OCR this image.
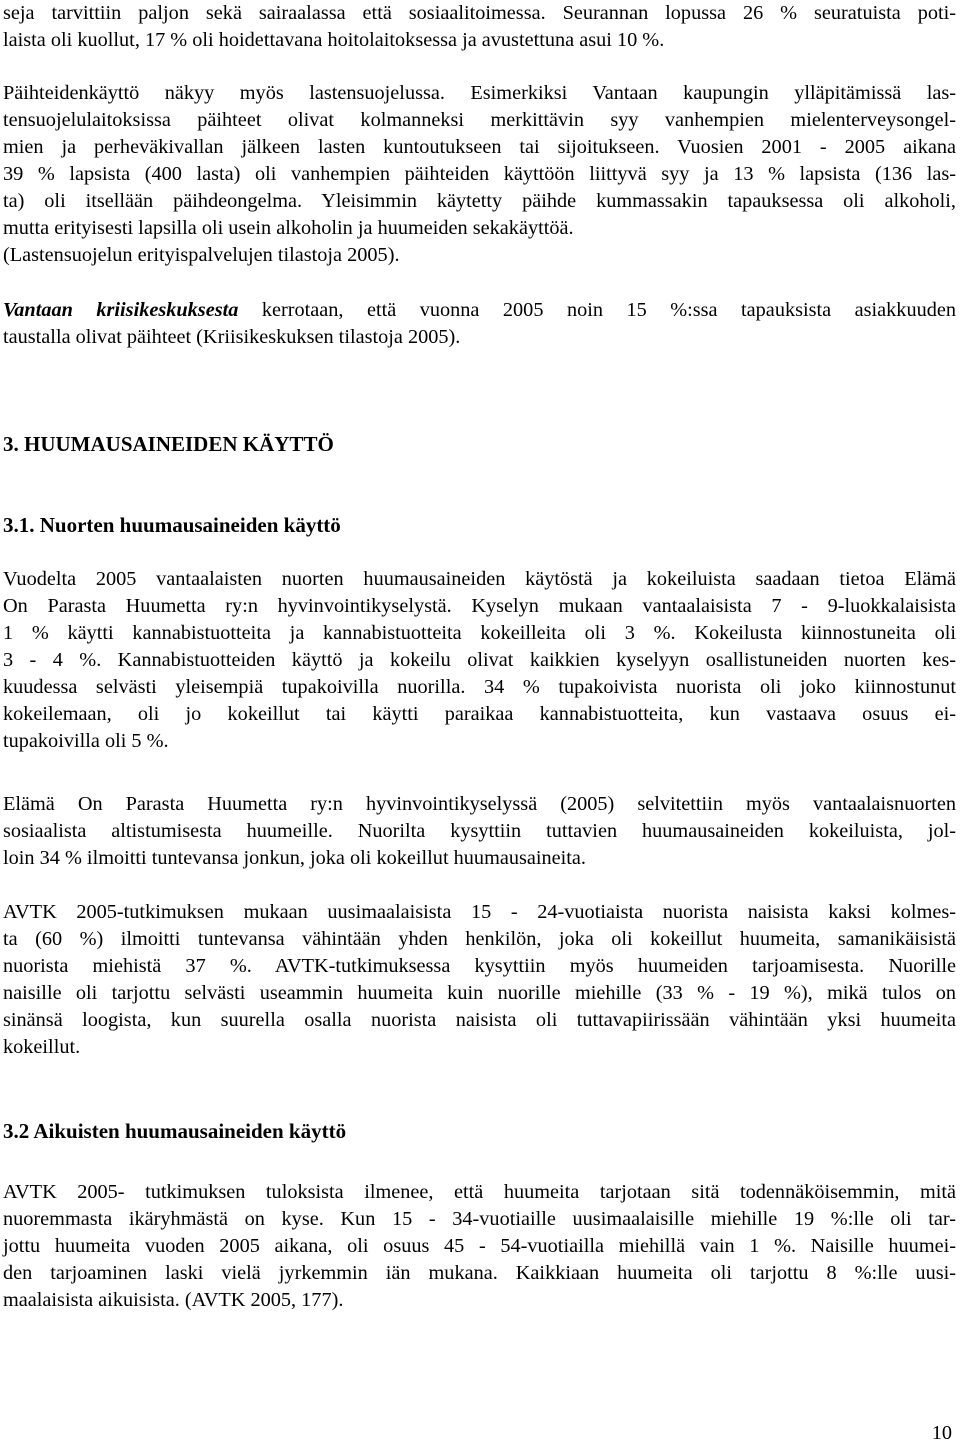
seja tarvittiin paljon sekä sairaalassa että sosiaalitoimessa. Seurannan lopussa 26 % seuratuista poti-
laista oli kuollut, 17 % oli hoidettavana hoitolaitoksessa ja avustettuna asui 10 %.
Päihteidenkäyttö näkyy myös lastensuojelussa. Esimerkiksi Vantaan kaupungin ylläpitämissä las-
tensuojelulaitoksissa päihteet olivat kolmanneksi merkittävin syy vanhempien mielenterveysongel-
mien ja perheväkivallan jälkeen lasten kuntoutukseen tai sijoitukseen. Vuosien 2001 - 2005 aikana
39 % lapsista (400 lasta) oli vanhempien päihteiden käyttöön liittyvä syy ja 13 % lapsista (136 las-
ta) oli itsellään päihdeongelma. Yleisimmin käytetty päihde kummassakin tapauksessa oli alkoholi,
mutta erityisesti lapsilla oli usein alkoholin ja huumeiden sekakäyttöä.
(Lastensuojelun erityispalvelujen tilastoja 2005).
Vantaan kriisikeskuksesta kerrotaan, että vuonna 2005 noin 15 %:ssa tapauksista asiakkuuden
taustalla olivat päihteet (Kriisikeskuksen tilastoja 2005).
3. HUUMAUSAINEIDEN KÄYTTÖ
3.1. Nuorten huumausaineiden käyttö
Vuodelta 2005 vantaalaisten nuorten huumausaineiden käytöstä ja kokeiluista saadaan tietoa Elämä
On Parasta Huumetta ry:n hyvinvointikyselystä. Kyselyn mukaan vantaalaisista 7 - 9-luokkalaisista
1 % käytti kannabistuotteita ja kannabistuotteita kokeilleita oli 3 %. Kokeilusta kiinnostuneita oli
3 - 4 %. Kannabistuotteiden käyttö ja kokeilu olivat kaikkien kyselyyn osallistuneiden nuorten kes-
kuudessa selvästi yleisempiä tupakoivilla nuorilla. 34 % tupakoivista nuorista oli joko kiinnostunut
kokeilemaan, oli jo kokeillut tai käytti paraikaa kannabistuotteita, kun vastaava osuus ei-
tupakoivilla oli 5 %.
Elämä On Parasta Huumetta ry:n hyvinvointikyselyssä (2005) selvitettiin myös vantaalaisnuorten
sosiaalista altistumisesta huumeille. Nuorilta kysyttiin tuttavien huumausaineiden kokeiluista, jol-
loin 34 % ilmoitti tuntevansa jonkun, joka oli kokeillut huumausaineita.
AVTK 2005-tutkimuksen mukaan uusimaalaisista 15 - 24-vuotiaista nuorista naisista kaksi kolmes-
ta (60 %) ilmoitti tuntevansa vähintään yhden henkilön, joka oli kokeillut huumeita, samanikäisistä
nuorista miehistä 37 %. AVTK-tutkimuksessa kysyttiin myös huumeiden tarjoamisesta. Nuorille
naisille oli tarjottu selvästi useammin huumeita kuin nuorille miehille (33 % - 19 %), mikä tulos on
sinänsä loogista, kun suurella osalla nuorista naisista oli tuttavapiirissään vähintään yksi huumeita
kokeillut.
3.2 Aikuisten huumausaineiden käyttö
AVTK 2005- tutkimuksen tuloksista ilmenee, että huumeita tarjotaan sitä todennäköisemmin, mitä
nuoremmasta ikäryhmästä on kyse. Kun 15 - 34-vuotiaille uusimaalaisille miehille 19 %:lle oli tar-
jottu huumeita vuoden 2005 aikana, oli osuus 45 - 54-vuotiailla miehillä vain 1 %. Naisille huumei-
den tarjoaminen laski vielä jyrkemmin iän mukana. Kaikkiaan huumeita oli tarjottu 8 %:lle uusi-
maalaisista aikuisista. (AVTK 2005, 177).
10
